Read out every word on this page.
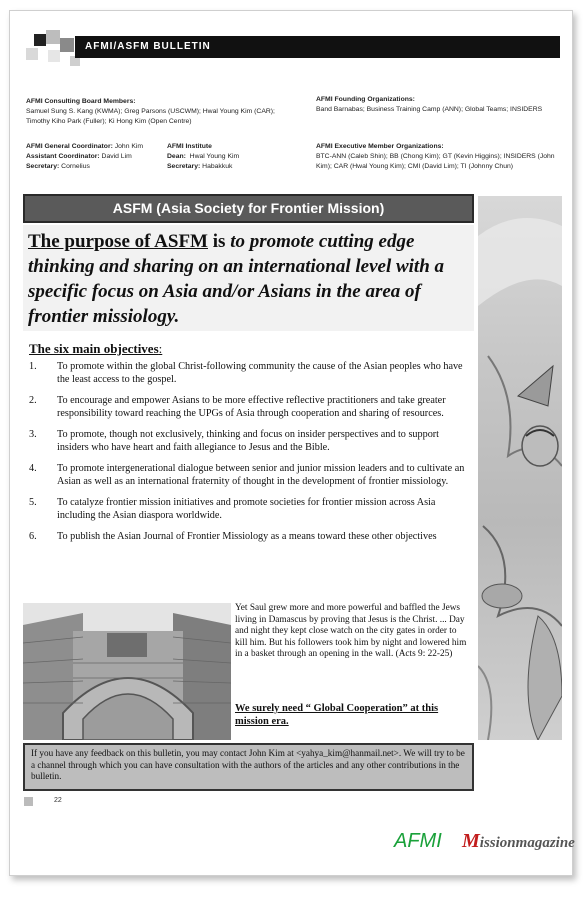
AFMI/ASFM BULLETIN
AFMI Consulting Board Members:
Samuel Sung S. Kang (KWMA); Greg Parsons (USCWM); Hwal Young Kim (CAR); Timothy Kiho Park (Fuller); Ki Hong Kim (Open Centre)
AFMI Founding Organizations:
Band Barnabas; Business Training Camp (ANN); Global Teams; INSIDERS
AFMI General Coordinator: John Kim
Assistant Coordinator: David Lim
Secretary: Cornelius
AFMI Institute
Dean: Hwal Young Kim
Secretary: Habakkuk
AFMI Executive Member Organizations:
BTC-ANN (Caleb Shin); BB (Chong Kim); GT (Kevin Higgins); INSIDERS (John Kim); CAR (Hwal Young Kim); CMI (David Lim); TI (Johnny Chun)
ASFM (Asia Society for Frontier Mission)
The purpose of ASFM is to promote cutting edge thinking and sharing on an international level with a specific focus on Asia and/or Asians in the area of frontier missiology.
The six main objectives:
1. To promote within the global Christ-following community the cause of the Asian peoples who have the least access to the gospel.
2. To encourage and empower Asians to be more effective reflective practitioners and take greater responsibility toward reaching the UPGs of Asia through cooperation and sharing of resources.
3. To promote, though not exclusively, thinking and focus on insider perspectives and to support insiders who have heart and faith allegiance to Jesus and the Bible.
4. To promote intergenerational dialogue between senior and junior mission leaders and to cultivate an Asian as well as an international fraternity of thought in the development of frontier missiology.
5. To catalyze frontier mission initiatives and promote societies for frontier mission across Asia including the Asian diaspora worldwide.
6. To publish the Asian Journal of Frontier Missiology as a means toward these other objectives
Yet Saul grew more and more powerful and baffled the Jews living in Damascus by proving that Jesus is the Christ. ... Day and night they kept close watch on the city gates in order to kill him. But his followers took him by night and lowered him in a basket through an opening in the wall. (Acts 9: 22-25)
We surely need “ Global Cooperation” at this mission era.
If you have any feedback on this bulletin, you may contact John Kim at <yahya_kim@hanmail.net>. We will try to be a channel through which you can have consultation with the authors of the articles and any other contributions in the bulletin.
22
AFMI Missionmagazine
